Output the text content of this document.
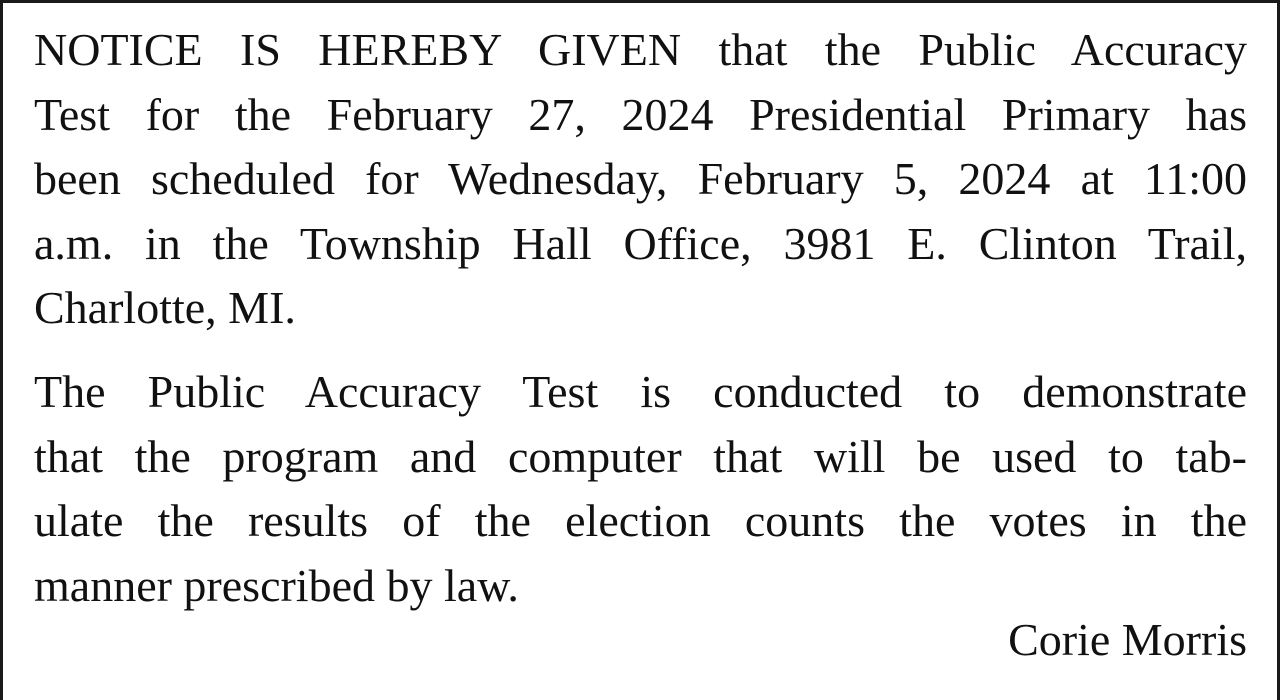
NOTICE IS HEREBY GIVEN that the Public Accuracy
Test for the February 27, 2024 Presidential Primary has
been scheduled for Wednesday, February 5, 2024 at 11:00
a.m. in the Township Hall Office, 3981 E. Clinton Trail,
Charlotte, MI.
The Public Accuracy Test is conducted to demonstrate
that the program and computer that will be used to tab-
ulate the results of the election counts the votes in the
manner prescribed by law.
Corie Morris
